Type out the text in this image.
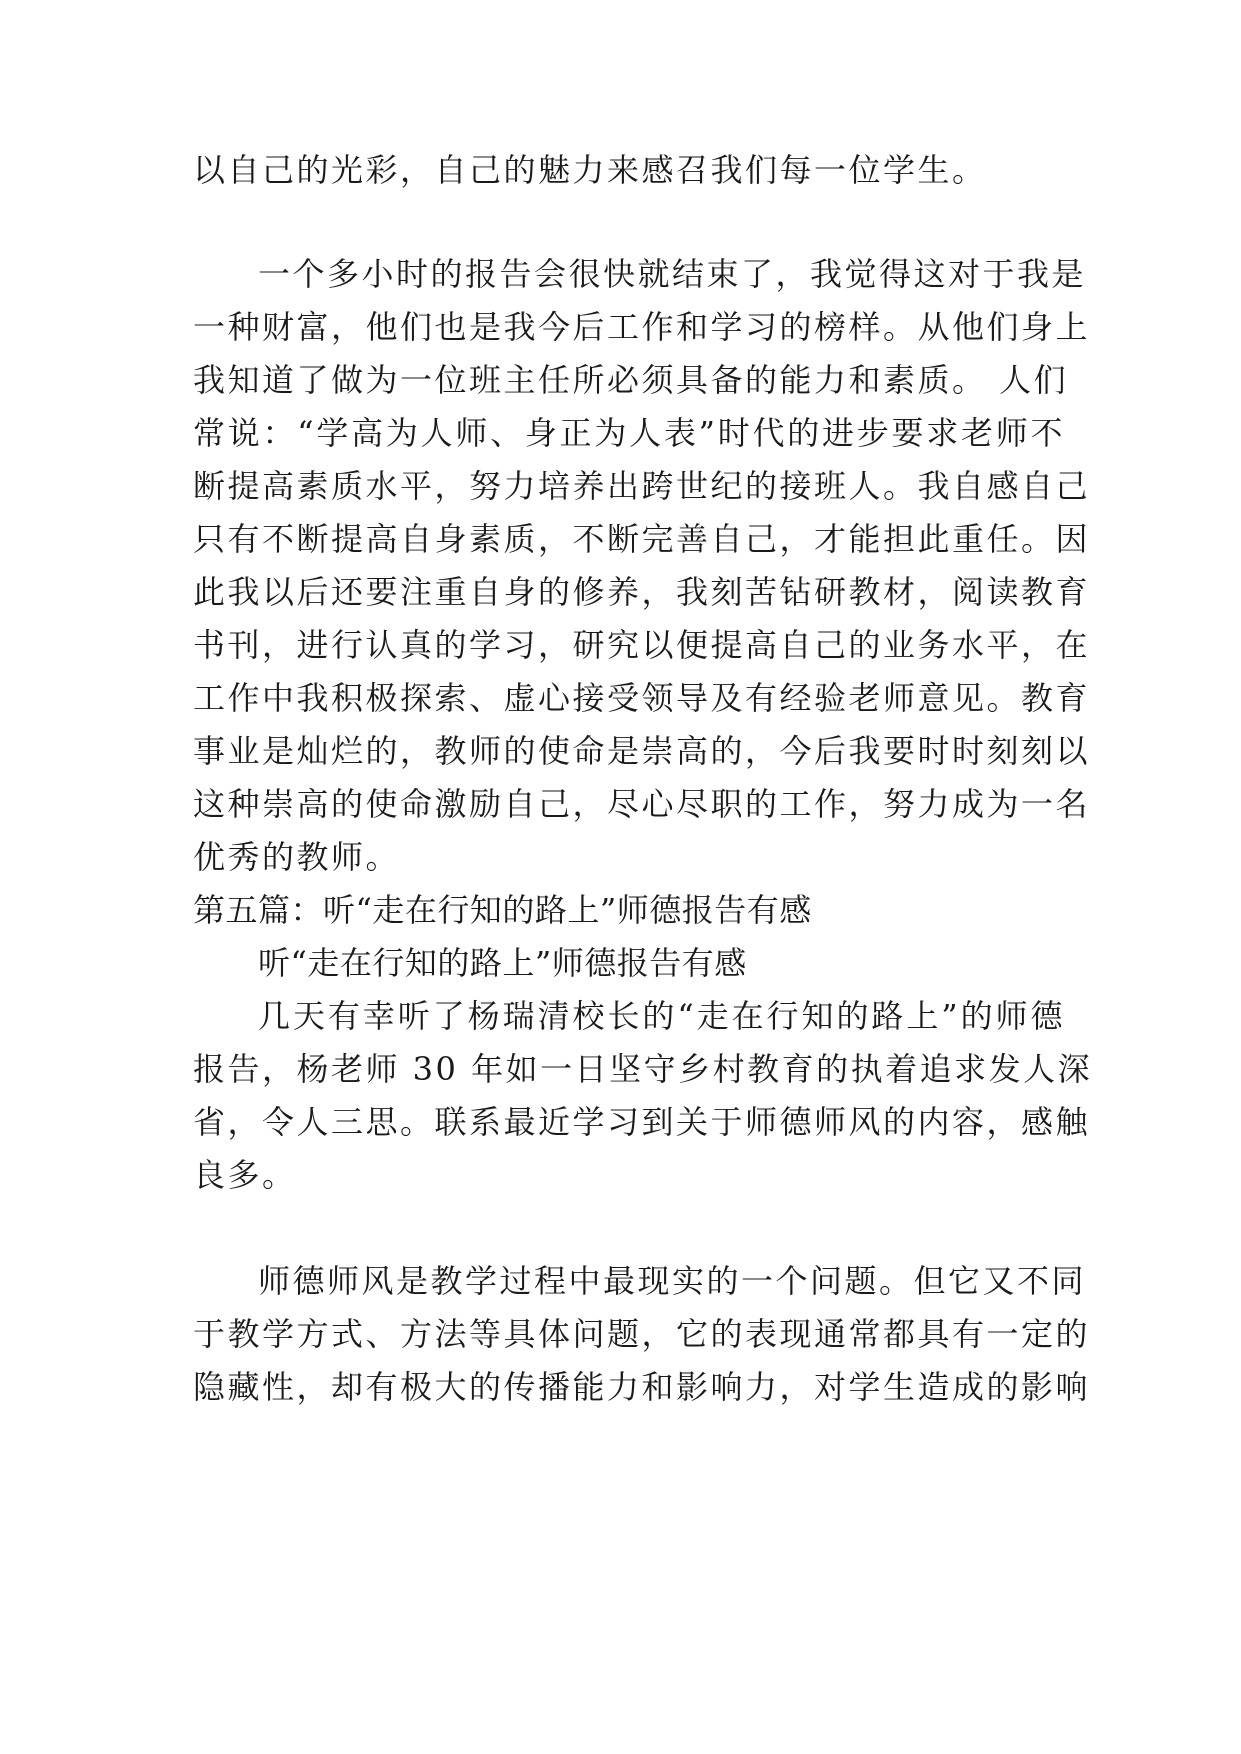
以自己的光彩，自己的魅力来感召我们每一位学生。
一个多小时的报告会很快就结束了，我觉得这对于我是
一种财富，他们也是我今后工作和学习的榜样。从他们身上
我知道了做为一位班主任所必须具备的能力和素质。 人们
常说：“学高为人师、身正为人表”时代的进步要求老师不
断提高素质水平，努力培养出跨世纪的接班人。我自感自己
只有不断提高自身素质，不断完善自己，才能担此重任。因
此我以后还要注重自身的修养，我刻苦钻研教材，阅读教育
书刊，进行认真的学习，研究以便提高自己的业务水平，在
工作中我积极探索、虚心接受领导及有经验老师意见。教育
事业是灿烂的，教师的使命是崇高的，今后我要时时刻刻以
这种崇高的使命激励自己，尽心尽职的工作，努力成为一名
优秀的教师。
第五篇：听“走在行知的路上”师德报告有感
听“走在行知的路上”师德报告有感
几天有幸听了杨瑞清校长的“走在行知的路上”的师德
报告，杨老师 30 年如一日坚守乡村教育的执着追求发人深
省，令人三思。联系最近学习到关于师德师风的内容，感触
良多。
师德师风是教学过程中最现实的一个问题。但它又不同
于教学方式、方法等具体问题，它的表现通常都具有一定的
隐藏性，却有极大的传播能力和影响力，对学生造成的影响
